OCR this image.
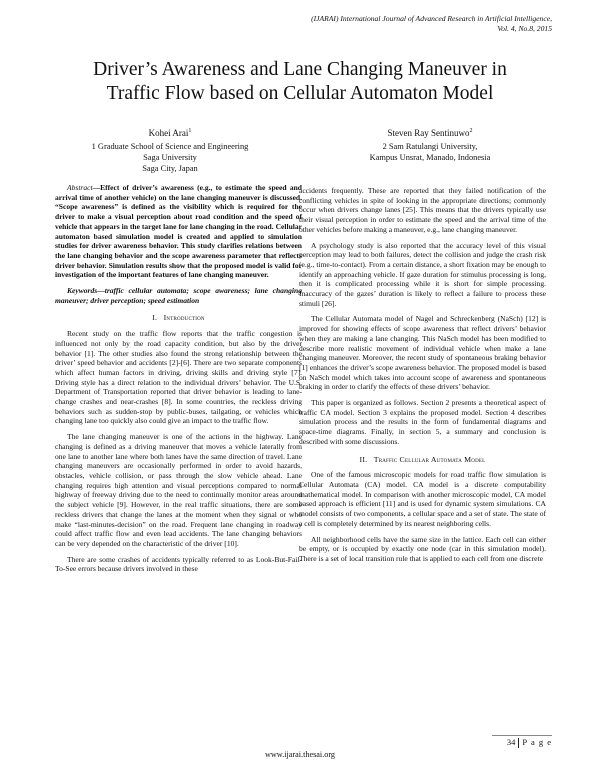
(IJARAI) International Journal of Advanced Research in Artificial Intelligence,
Vol. 4, No.8, 2015
Driver’s Awareness and Lane Changing Maneuver in
Traffic Flow based on Cellular Automaton Model
Kohei Arai$^1$
1 Graduate School of Science and Engineering
Saga University
Saga City, Japan
Steven Ray Sentinuwo$^2$
2 Sam Ratulangi University,
Kampus Unsrat, Manado, Indonesia

Abstract—Effect of driver’s awareness (e.g., to estimate the speed and arrival time of another vehicle) on the lane changing maneuver is discussed. “Scope awareness” is defined as the visibility which is required for the driver to make a visual perception about road condition and the speed of vehicle that appears in the target lane for lane changing in the road. Cellular automaton based simulation model is created and applied to simulation studies for driver awareness behavior. This study clarifies relations between the lane changing behavior and the scope awareness parameter that reflects driver behavior. Simulation results show that the proposed model is valid for investigation of the important features of lane changing maneuver.

Keywords—traffic cellular automata; scope awareness; lane changing maneuver; driver perception; speed estimation

I. Introduction

Recent study on the traffic flow reports that the traffic congestion is influenced not only by the road capacity condition, but also by the driver behavior [1]. The other studies also found the strong relationship between the driver’ speed behavior and accidents [2]-[6]. There are two separate components which affect human factors in driving, driving skills and driving style [7]. Driving style has a direct relation to the individual drivers’ behavior. The U.S. Department of Transportation reported that driver behavior is leading to lane-change crashes and near-crashes [8]. In some countries, the reckless driving behaviors such as sudden-stop by public-buses, tailgating, or vehicles which changing lane too quickly also could give an impact to the traffic flow.

The lane changing maneuver is one of the actions in the highway. Lane changing is defined as a driving maneuver that moves a vehicle laterally from one lane to another lane where both lanes have the same direction of travel. Lane changing maneuvers are occasionally performed in order to avoid hazards, obstacles, vehicle collision, or pass through the slow vehicle ahead. Lane changing requires high attention and visual perceptions compared to normal highway of freeway driving due to the need to continually monitor areas around the subject vehicle [9]. However, in the real traffic situations, there are some reckless drivers that change the lanes at the moment when they signal or who make “last-minutes-decision” on the road. Frequent lane changing in roadway could affect traffic flow and even lead accidents. The lane changing behaviors can be very depended on the characteristic of the driver [10].

There are some crashes of accidents typically referred to as Look-But-Fail-To-See errors because drivers involved in these

accidents frequently. These are reported that they failed notification of the conflicting vehicles in spite of looking in the appropriate directions; commonly occur when drivers change lanes [25]. This means that the drivers typically use their visual perception in order to estimate the speed and the arrival time of the other vehicles before making a maneuver, e.g., lane changing maneuver.

A psychology study is also reported that the accuracy level of this visual perception may lead to both failures, detect the collision and judge the crash risk (e.g., time-to-contact). From a certain distance, a short fixation may be enough to identify an approaching vehicle. If gaze duration for stimulus processing is long, then it is complicated processing while it is short for simple processing. Inaccuracy of the gazes’ duration is likely to reflect a failure to process these stimuli [26].

The Cellular Automata model of Nagel and Schreckenberg (NaSch) [12] is improved for showing effects of scope awareness that reflect drivers’ behavior when they are making a lane changing. This NaSch model has been modified to describe more realistic movement of individual vehicle when make a lane changing maneuver. Moreover, the recent study of spontaneous braking behavior [1] enhances the driver’s scope awareness behavior. The proposed model is based on NaSch model which takes into account scope of awareness and spontaneous braking in order to clarify the effects of these drivers’ behavior.

This paper is organized as follows. Section 2 presents a theoretical aspect of traffic CA model. Section 3 explains the proposed model. Section 4 describes simulation process and the results in the form of fundamental diagrams and space-time diagrams. Finally, in section 5, a summary and conclusion is described with some discussions.

II. Traffic Cellular Automata Model

One of the famous microscopic models for road traffic flow simulation is Cellular Automata (CA) model. CA model is a discrete computability mathematical model. In comparison with another microscopic model, CA model based approach is efficient [11] and is used for dynamic system simulations. CA model consists of two components, a cellular space and a set of state. The state of a cell is completely determined by its nearest neighboring cells.

All neighborhood cells have the same size in the lattice. Each cell can either be empty, or is occupied by exactly one node (car in this simulation model). There is a set of local transition rule that is applied to each cell from one discrete

34 P a g e
www.ijarai.thesai.org
